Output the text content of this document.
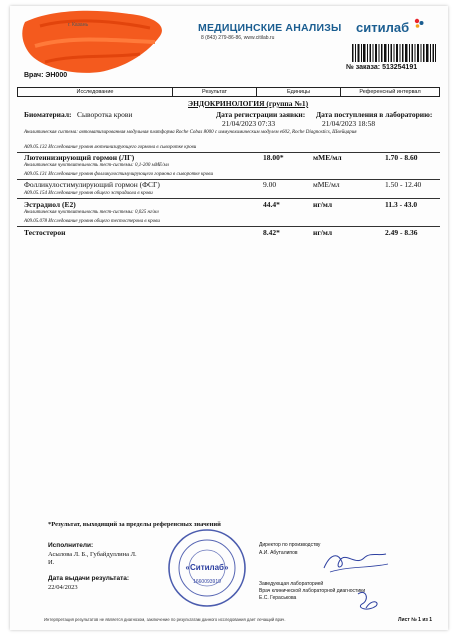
г. Казань	МЕДИЦИНСКИЕ АНАЛИЗЫ
8 (843) 279-86-86, www.citilab.ru
ситилаб
№ заказа: 513254191
Врач: ЭH000
Исследование	Результат	Единицы	Референсный интервал
ЭНДОКРИНОЛОГИЯ (группа №1)
Биоматериал: Сыворотка крови	Дата регистрации заявки:
21/04/2023 07:33
Дата поступления в лабораторию:
21/04/2023 18:58
Аналитическая система: автоматизированная модульная платформа Roche Cobas 8000 с иммунохимическим модулем e602, Roche Diagnostics, Швейцария
A09.05.132 Исследование уровня лютеинизирующего гормона в сыворотке крови
Лютеинизирующий гормон (ЛГ)	18.00*	мМЕ/мл	1.70 - 8.60
Аналитическая чувствительность тест-системы: 0,1-200 мМЕ/мл
A09.05.131 Исследование уровня фолликулостимулирующего гормона в сыворотке крови
Фолликулостимулирующий гормон (ФСГ)	9.00	мМЕ/мл	1.50 - 12.40
A09.05.154 Исследование уровня общего эстрадиола в крови
Эстрадиол (Е2)	44.4*	нг/мл	11.3 - 43.0
Аналитическая чувствительность тест-системы: 0,025 нг/мл
A09.05.078 Исследование уровня общего тестостерона в крови
Тестостерон	8.42*	нг/мл	2.49 - 8.36
*Результат, выходящий за пределы референсных значений
Исполнители:
Асылова Л. Б., Губайдуллина Л.
И.
Дата выдачи результата:
22/04/2023
Директор по производству
А.И. Абуталипов
Заведующая лабораторией
Врач клинической лабораторной диагностики
Е.С. Гераськова
«Ситилаб»
1660093919
Интерпретация результатов не является диагнозом, заключение по результатам данного исследования дает лечащий врач.	Лист № 1 из 1
